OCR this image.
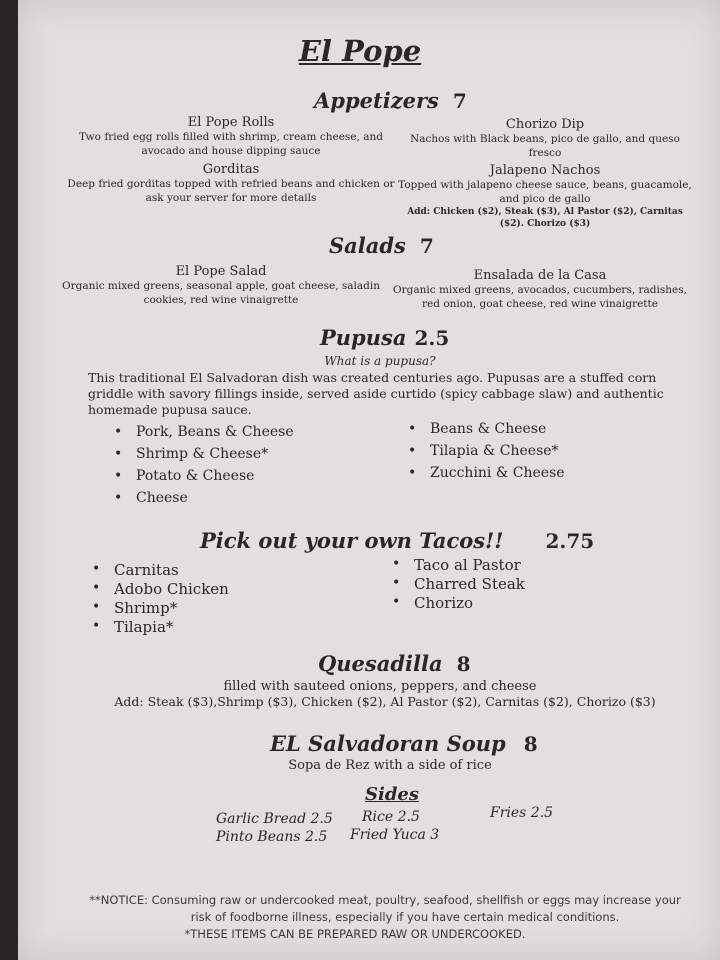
El Pope
Appetizers 7
El Pope Rolls
Two fried egg rolls filled with shrimp, cream cheese, and avocado and house dipping sauce
Gorditas
Deep fried gorditas topped with refried beans and chicken or ask your server for more details
Chorizo Dip
Nachos with Black beans, pico de gallo, and queso fresco
Jalapeno Nachos
Topped with jalapeno cheese sauce, beans, guacamole, and pico de gallo
Add: Chicken ($2), Steak ($3), Al Pastor ($2), Carnitas ($2). Chorizo ($3)
Salads 7
El Pope Salad
Organic mixed greens, seasonal apple, goat cheese, saladin cookies, red wine vinaigrette
Ensalada de la Casa
Organic mixed greens, avocados, cucumbers, radishes, red onion, goat cheese, red wine vinaigrette
Pupusa 2.5
What is a pupusa?
This traditional El Salvadoran dish was created centuries ago. Pupusas are a stuffed corn griddle with savory fillings inside, served aside curtido (spicy cabbage slaw) and authentic homemade pupusa sauce.
• Pork, Beans & Cheese
• Shrimp & Cheese*
• Potato & Cheese
• Cheese
• Beans & Cheese
• Tilapia & Cheese*
• Zucchini & Cheese
Pick out your own Tacos!! 2.75
• Carnitas
• Adobo Chicken
• Shrimp*
• Tilapia*
• Taco al Pastor
• Charred Steak
• Chorizo
Quesadilla 8
filled with sauteed onions, peppers, and cheese
Add: Steak ($3),Shrimp ($3), Chicken ($2), Al Pastor ($2), Carnitas ($2), Chorizo ($3)
EL Salvadoran Soup 8
Sopa de Rez with a side of rice
Sides
Garlic Bread 2.5
Pinto Beans 2.5
Rice 2.5
Fried Yuca 3
Fries 2.5
**NOTICE: Consuming raw or undercooked meat, poultry, seafood, shellfish or eggs may increase your
risk of foodborne illness, especially if you have certain medical conditions.
*THESE ITEMS CAN BE PREPARED RAW OR UNDERCOOKED.
